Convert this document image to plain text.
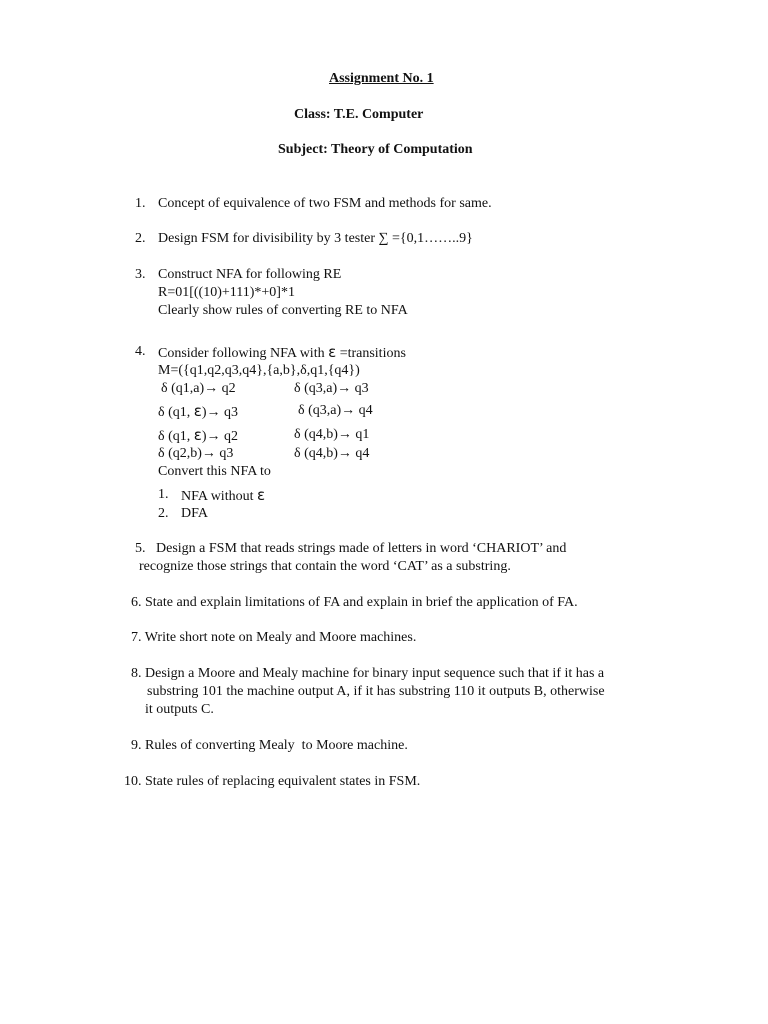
Assignment No. 1
Class: T.E. Computer
Subject: Theory of Computation
1. Concept of equivalence of two FSM and methods for same.
2. Design FSM for divisibility by 3 tester ∑ ={0,1……..9}
3. Construct NFA for following RE
R=01[((10)+111)*+0]*1
Clearly show rules of converting RE to NFA
4. Consider following NFA with ε =transitions
M=({q1,q2,q3,q4},{a,b},δ,q1,{q4})
δ (q1,a)→ q2	δ (q3,a)→ q3
δ (q1, ε)→ q3	δ (q3,a)→ q4
δ (q1, ε)→ q2	δ (q4,b)→ q1
δ (q2,b)→ q3	δ (q4,b)→ q4
Convert this NFA to
1. NFA without ε
2. DFA
5.   Design a FSM that reads strings made of letters in word ‘CHARIOT’ and
recognize those strings that contain the word ‘CAT’ as a substring.
6. State and explain limitations of FA and explain in brief the application of FA.
7. Write short note on Mealy and Moore machines.
8. Design a Moore and Mealy machine for binary input sequence such that if it has a
substring 101 the machine output A, if it has substring 110 it outputs B, otherwise
it outputs C.
9. Rules of converting Mealy  to Moore machine.
10. State rules of replacing equivalent states in FSM.
